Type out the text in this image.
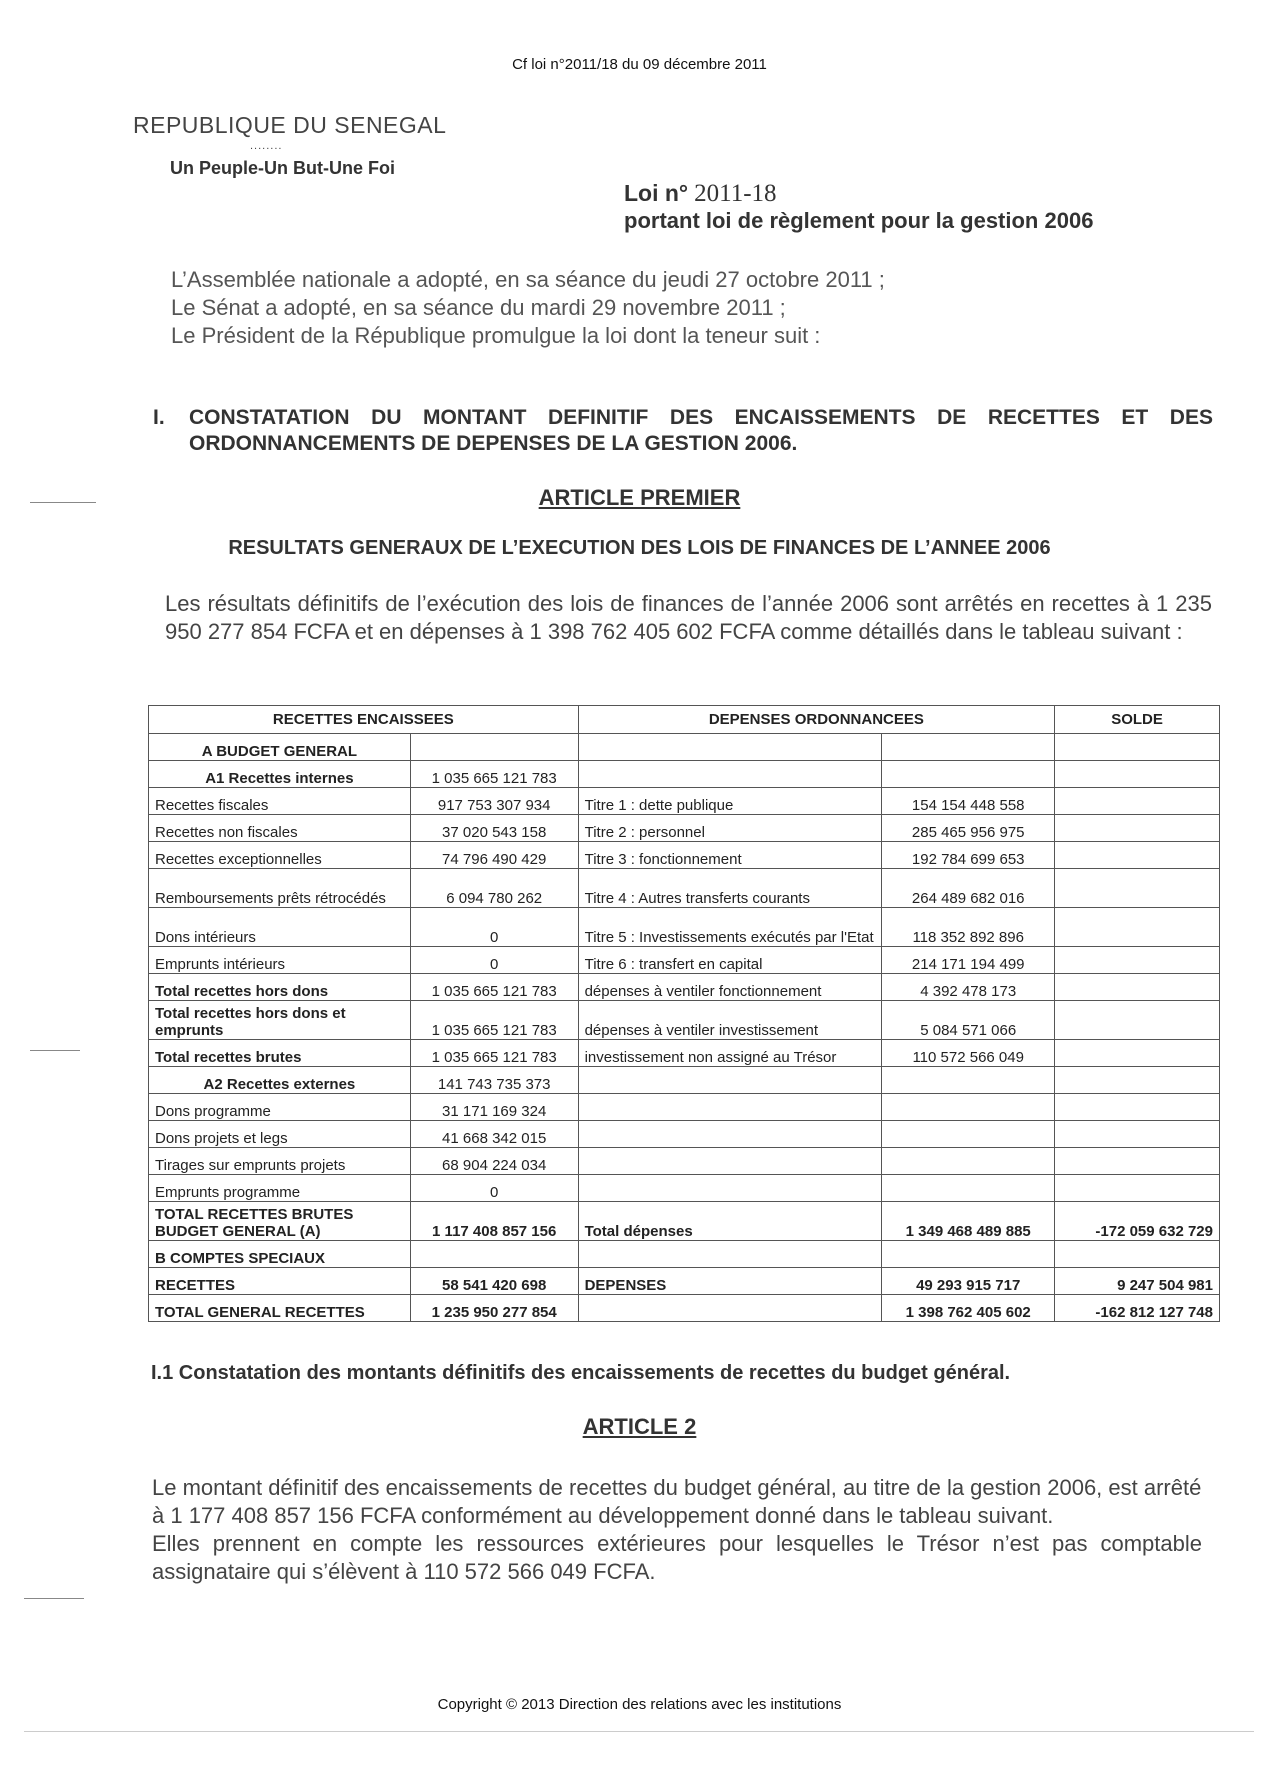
Cf loi n°2011/18 du 09 décembre 2011
REPUBLIQUE DU SENEGAL
........
Un Peuple-Un But-Une Foi
Loi n° 2011-18
portant loi de règlement pour la gestion 2006
L’Assemblée nationale a adopté, en sa séance du jeudi 27 octobre 2011 ;
Le Sénat a adopté, en sa séance du mardi 29 novembre 2011 ;
Le Président de la République promulgue la loi dont la teneur suit :
I. CONSTATATION DU MONTANT DEFINITIF DES ENCAISSEMENTS DE RECETTES ET DES ORDONNANCEMENTS DE DEPENSES DE LA GESTION 2006.
ARTICLE PREMIER
RESULTATS GENERAUX DE L’EXECUTION DES LOIS DE FINANCES DE L’ANNEE 2006
Les résultats définitifs de l’exécution des lois de finances de l’année 2006 sont arrêtés en recettes à 1 235 950 277 854 FCFA et en dépenses à 1 398 762 405 602 FCFA comme détaillés dans le tableau suivant :
RECETTES ENCAISSEES		DEPENSES ORDONNANCEES		SOLDE
A BUDGET GENERAL				
A1 Recettes internes	1 035 665 121 783			
Recettes fiscales	917 753 307 934	Titre 1 : dette publique	154 154 448 558	
Recettes non fiscales	37 020 543 158	Titre 2 : personnel	285 465 956 975	
Recettes exceptionnelles	74 796 490 429	Titre 3 : fonctionnement	192 784 699 653	
Remboursements prêts rétrocédés	6 094 780 262	Titre 4 : Autres transferts courants	264 489 682 016	
Dons intérieurs	0	Titre 5 : Investissements exécutés par l'Etat	118 352 892 896	
Emprunts intérieurs	0	Titre 6 : transfert en capital	214 171 194 499	
Total recettes hors dons	1 035 665 121 783	dépenses à ventiler fonctionnement	4 392 478 173	
Total recettes hors dons et emprunts	1 035 665 121 783	dépenses à ventiler investissement	5 084 571 066	
Total recettes brutes	1 035 665 121 783	investissement non assigné au Trésor	110 572 566 049	
A2 Recettes externes	141 743 735 373			
Dons programme	31 171 169 324			
Dons projets et legs	41 668 342 015			
Tirages sur emprunts projets	68 904 224 034			
Emprunts programme	0			
TOTAL RECETTES BRUTES BUDGET GENERAL (A)	1 117 408 857 156	Total dépenses	1 349 468 489 885	-172 059 632 729
B COMPTES SPECIAUX				
RECETTES	58 541 420 698	DEPENSES	49 293 915 717	9 247 504 981
TOTAL GENERAL RECETTES	1 235 950 277 854		1 398 762 405 602	-162 812 127 748
I.1 Constatation des montants définitifs des encaissements de recettes du budget général.
ARTICLE 2
Le montant définitif des encaissements de recettes du budget général, au titre de la gestion 2006, est arrêté à 1 177 408 857 156 FCFA conformément au développement donné dans le tableau suivant.
Elles prennent en compte les ressources extérieures pour lesquelles le Trésor n’est pas comptable assignataire qui s’élèvent à 110 572 566 049 FCFA.
Copyright © 2013 Direction des relations avec les institutions
